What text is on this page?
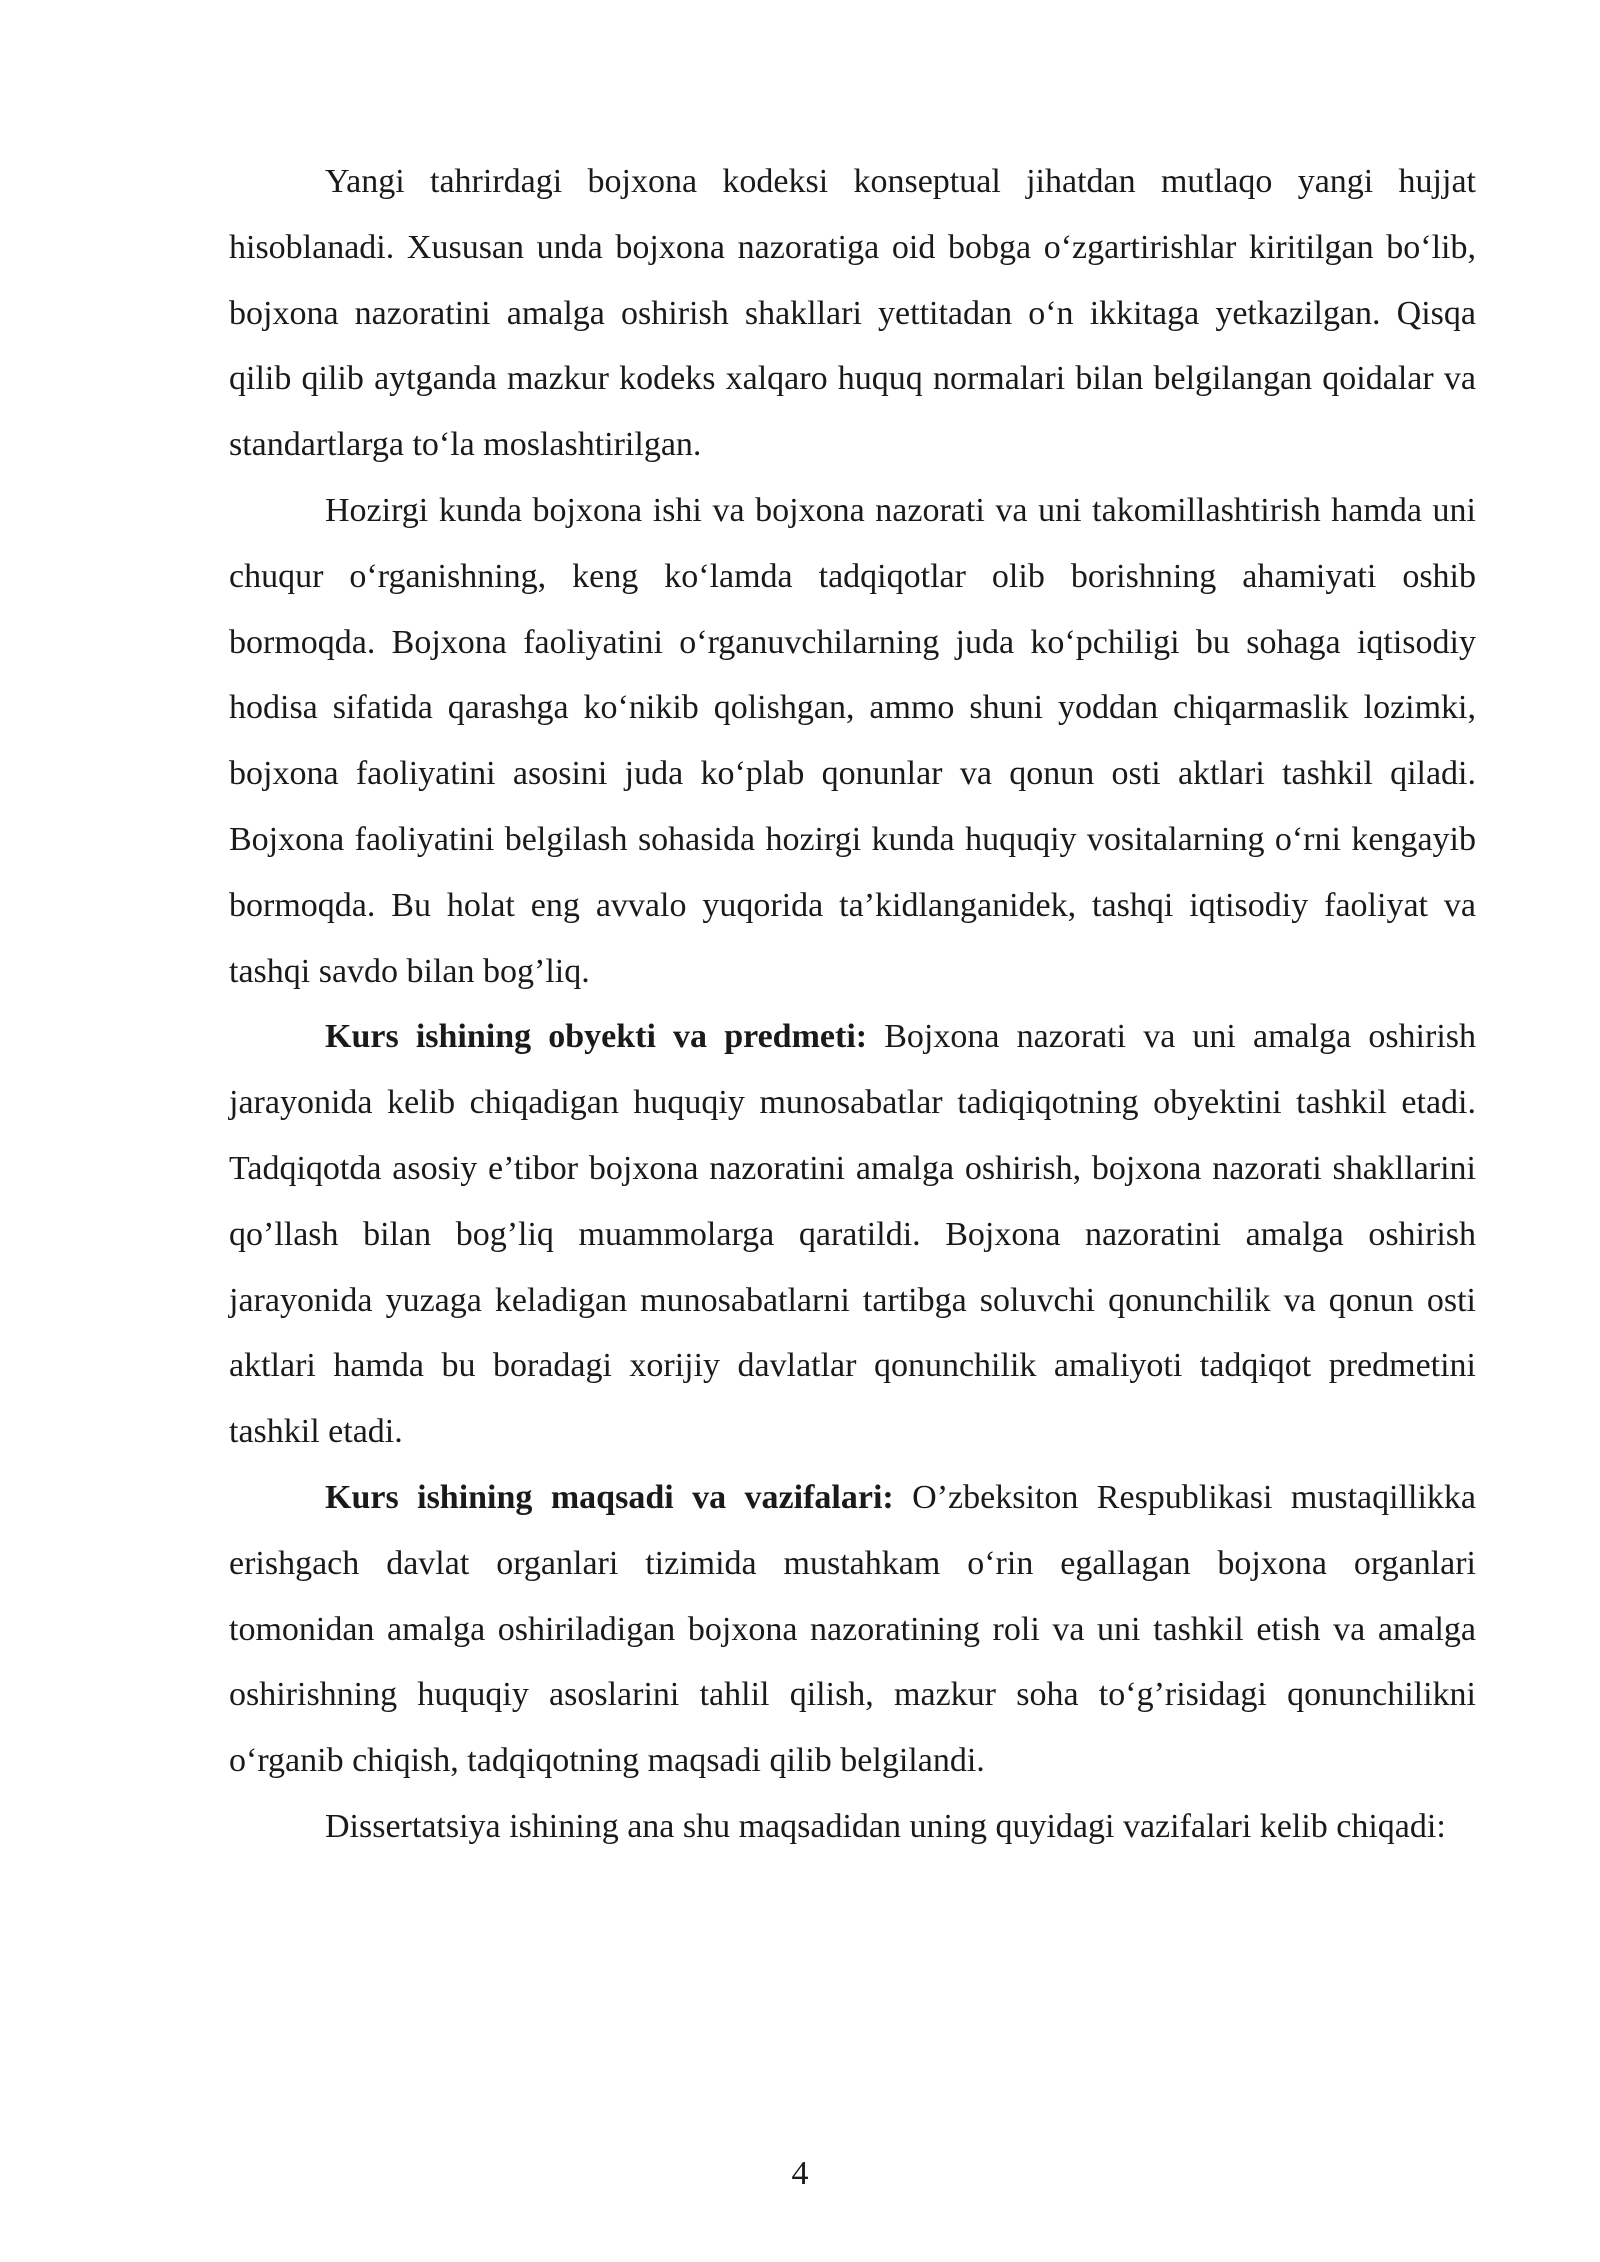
Yangi tahrirdagi bojxona kodeksi konseptual jihatdan mutlaqo yangi hujjat hisoblanadi. Xususan unda bojxona nazoratiga oid bobga o‘zgartirishlar kiritilgan bo‘lib, bojxona nazoratini amalga oshirish shakllari yettitadan o‘n ikkitaga yetkazilgan. Qisqa qilib qilib aytganda mazkur kodeks xalqaro huquq normalari bilan belgilangan qoidalar va standartlarga to‘la moslashtirilgan.

Hozirgi kunda bojxona ishi va bojxona nazorati va uni takomillashtirish hamda uni chuqur o‘rganishning, keng ko‘lamda tadqiqotlar olib borishning ahamiyati oshib bormoqda. Bojxona faoliyatini o‘rganuvchilarning juda ko‘pchiligi bu sohaga iqtisodiy hodisa sifatida qarashga ko‘nikib qolishgan, ammo shuni yoddan chiqarmaslik lozimki, bojxona faoliyatini asosini juda ko‘plab qonunlar va qonun osti aktlari tashkil qiladi. Bojxona faoliyatini belgilash sohasida hozirgi kunda huquqiy vositalarning o‘rni kengayib bormoqda. Bu holat eng avvalo yuqorida ta’kidlanganidek, tashqi iqtisodiy faoliyat va tashqi savdo bilan bog’liq.

Kurs ishining obyekti va predmeti: Bojxona nazorati va uni amalga oshirish jarayonida kelib chiqadigan huquqiy munosabatlar tadiqiqotning obyektini tashkil etadi. Tadqiqotda asosiy e’tibor bojxona nazoratini amalga oshirish, bojxona nazorati shakllarini qo’llash bilan bog’liq muammolarga qaratildi. Bojxona nazoratini amalga oshirish jarayonida yuzaga keladigan munosabatlarni tartibga soluvchi qonunchilik va qonun osti aktlari hamda bu boradagi xorijiy davlatlar qonunchilik amaliyoti tadqiqot predmetini tashkil etadi.

Kurs ishining maqsadi va vazifalari: O’zbeksiton Respublikasi mustaqillikka erishgach davlat organlari tizimida mustahkam o‘rin egallagan bojxona organlari tomonidan amalga oshiriladigan bojxona nazoratining roli va uni tashkil etish va amalga oshirishning huquqiy asoslarini tahlil qilish, mazkur soha to‘g’risidagi qonunchilikni o‘rganib chiqish, tadqiqotning maqsadi qilib belgilandi.

Dissertatsiya ishining ana shu maqsadidan uning quyidagi vazifalari kelib chiqadi:

4
